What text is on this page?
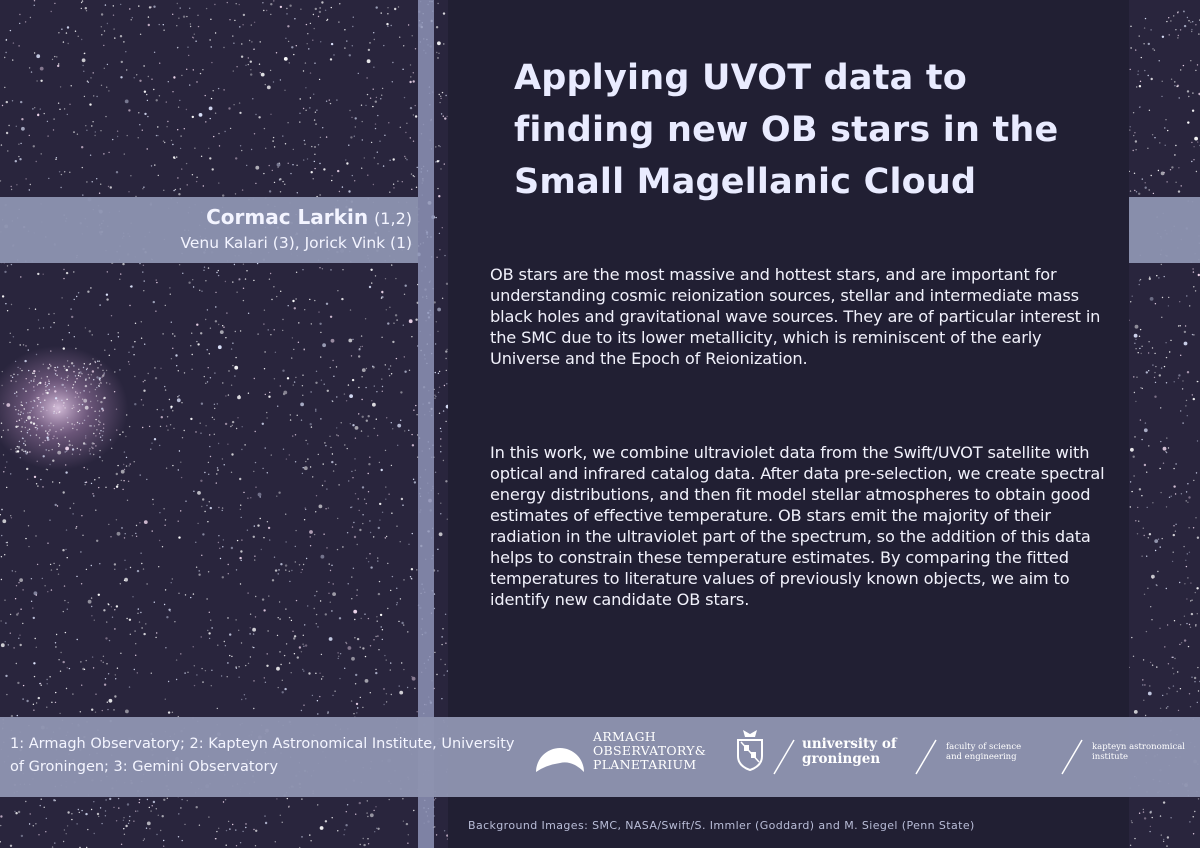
Applying UVOT data to finding new OB stars in the Small Magellanic Cloud
Cormac Larkin (1,2)
Venu Kalari (3), Jorick Vink (1)

OB stars are the most massive and hottest stars, and are important for understanding cosmic reionization sources, stellar and intermediate mass black holes and gravitational wave sources. They are of particular interest in the SMC due to its lower metallicity, which is reminiscent of the early Universe and the Epoch of Reionization.

In this work, we combine ultraviolet data from the Swift/UVOT satellite with optical and infrared catalog data. After data pre-selection, we create spectral energy distributions, and then fit model stellar atmospheres to obtain good estimates of effective temperature. OB stars emit the majority of their radiation in the ultraviolet part of the spectrum, so the addition of this data helps to constrain these temperature estimates. By comparing the fitted temperatures to literature values of previously known objects, we aim to identify new candidate OB stars.

1: Armagh Observatory; 2: Kapteyn Astronomical Institute, University of Groningen; 3: Gemini Observatory

ARMAGH
OBSERVATORY&
PLANETARIUM
university of
groningen
faculty of science
and engineering
kapteyn astronomical
institute
Background Images: SMC, NASA/Swift/S. Immler (Goddard) and M. Siegel (Penn State)
